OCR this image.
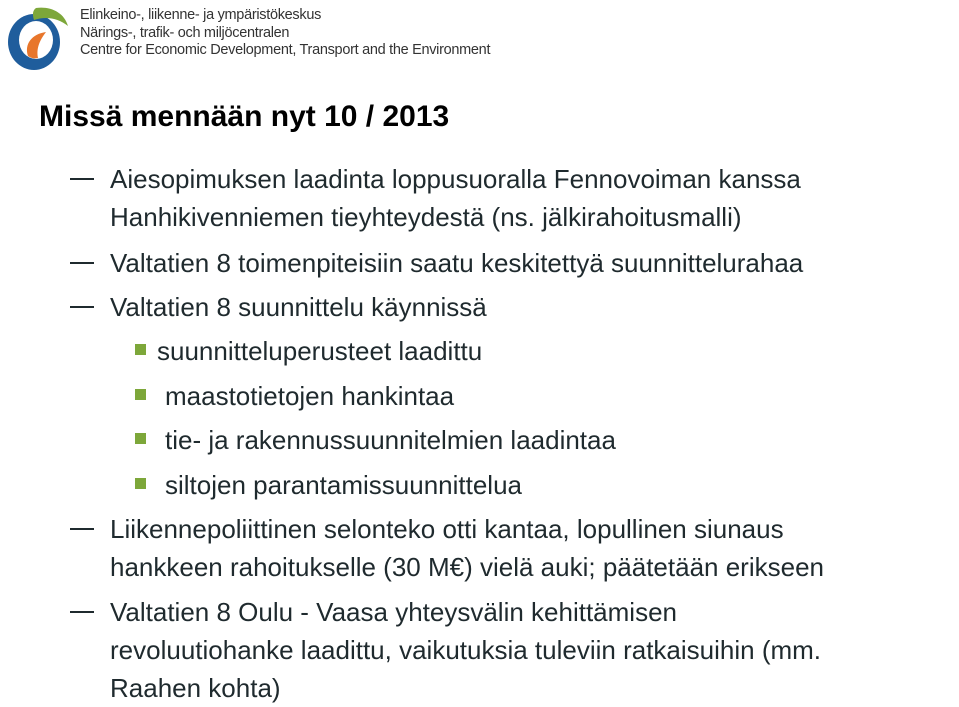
Elinkeino-, liikenne- ja ympäristökeskus
Närings-, trafik- och miljöcentralen
Centre for Economic Development, Transport and the Environment
Missä mennään nyt 10 / 2013
Aiesopimuksen laadinta loppusuoralla Fennovoiman kanssa
Hanhikivenniemen tieyhteydestä (ns. jälkirahoitusmalli)
Valtatien 8 toimenpiteisiin saatu keskitettyä suunnittelurahaa
Valtatien 8 suunnittelu käynnissä
suunnitteluperusteet laadittu
maastotietojen hankintaa
tie- ja rakennussuunnitelmien laadintaa
siltojen parantamissuunnittelua
Liikennepoliittinen selonteko otti kantaa, lopullinen siunaus
hankkeen rahoitukselle (30 M€) vielä auki; päätetään erikseen
Valtatien 8 Oulu - Vaasa yhteysvälin kehittämisen
revoluutiohanke laadittu, vaikutuksia tuleviin ratkaisuihin (mm.
Raahen kohta)
